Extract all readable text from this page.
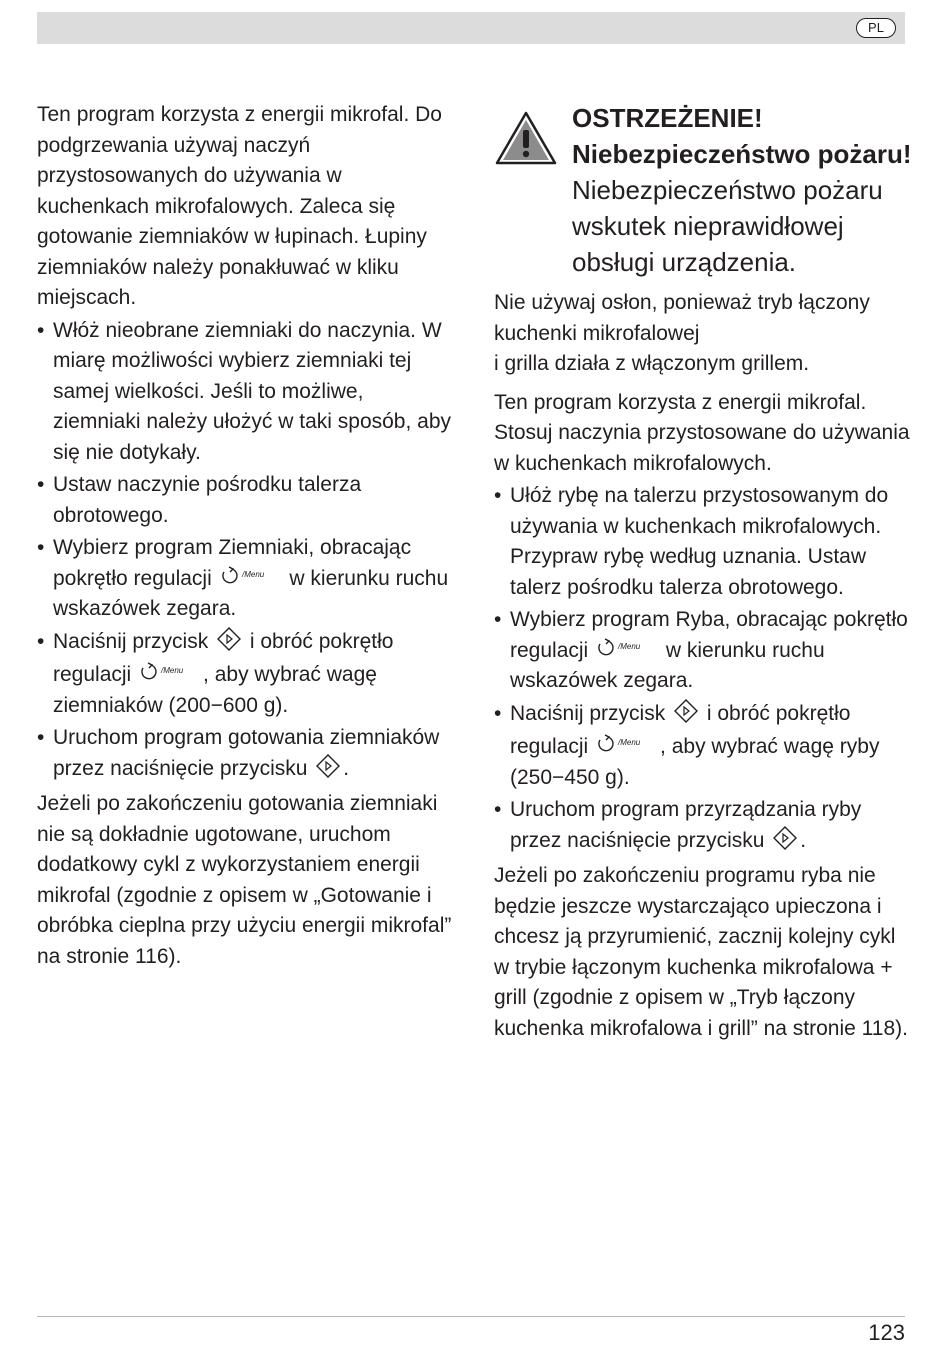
PL

Ten program korzysta z energii mikrofal. Do podgrzewania używaj naczyń przystosowanych do używania w kuchenkach mikrofalowych. Zaleca się gotowanie ziemniaków w łupinach. Łupiny ziemniaków należy ponakłuwać w kliku miejscach.

• Włóż nieobrane ziemniaki do naczynia. W miarę możliwości wybierz ziemniaki tej samej wielkości. Jeśli to możliwe, ziemniaki należy ułożyć w taki sposób, aby się nie dotykały.
• Ustaw naczynie pośrodku talerza obrotowego.
• Wybierz program Ziemniaki, obracając pokrętło regulacji	/Menu w kierunku ruchu wskazówek zegara.
• Naciśnij przycisk  i obróć pokrętło regulacji	/Menu , aby wybrać wagę ziemniaków (200−600 g).
• Uruchom program gotowania ziemniaków przez naciśnięcie przycisku .

Jeżeli po zakończeniu gotowania ziemniaki nie są dokładnie ugotowane, uruchom dodatkowy cykl z wykorzystaniem energii mikrofal (zgodnie z opisem w „Gotowanie i obróbka cieplna przy użyciu energii mikrofal” na stronie 116).

OSTRZEŻENIE!
Niebezpieczeństwo pożaru!
Niebezpieczeństwo pożaru wskutek nieprawidłowej obsługi urządzenia.

Nie używaj osłon, ponieważ tryb łączony kuchenki mikrofalowej
i grilla działa z włączonym grillem.

Ten program korzysta z energii mikrofal. Stosuj naczynia przystosowane do używania w kuchenkach mikrofalowych.

• Ułóż rybę na talerzu przystosowanym do używania w kuchenkach mikrofalowych. Przypraw rybę według uznania. Ustaw talerz pośrodku talerza obrotowego.
• Wybierz program Ryba, obracając pokrętło regulacji	/Menu w kierunku ruchu wskazówek zegara.
• Naciśnij przycisk  i obróć pokrętło regulacji	/Menu , aby wybrać wagę ryby (250−450 g).
• Uruchom program przyrządzania ryby przez naciśnięcie przycisku .

Jeżeli po zakończeniu programu ryba nie będzie jeszcze wystarczająco upieczona i chcesz ją przyrumienić, zacznij kolejny cykl w trybie łączonym kuchenka mikrofalowa + grill (zgodnie z opisem w „Tryb łączony kuchenka mikrofalowa i grill” na stronie 118).

123
